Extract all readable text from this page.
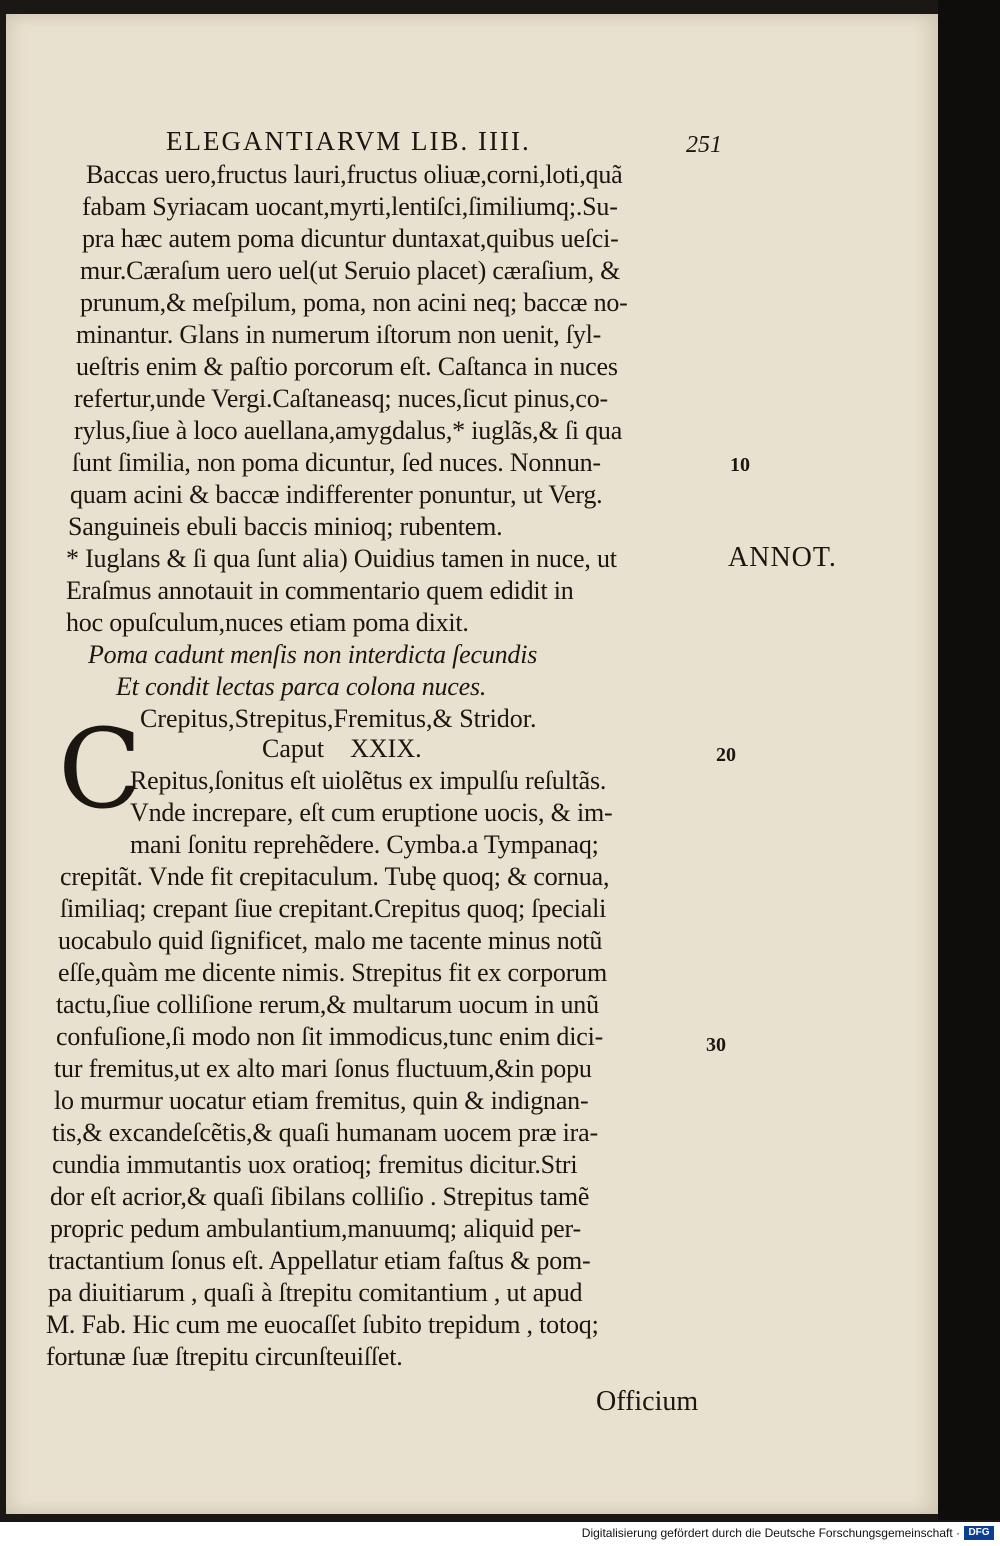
ELEGANTIARVM LIB. IIII.	251
Baccas uero,fructus lauri,fructus oliuæ,corni,loti,quã
fabam Syriacam uocant,myrti,lentiſci,ſimiliumq;.Su-
pra hæc autem poma dicuntur duntaxat,quibus ueſci-
mur.Cæraſum uero uel(ut Seruio placet) cæraſium, &
prunum,& meſpilum, poma, non acini neq; baccæ no-
minantur. Glans in numerum iſtorum non uenit, ſyl-
ueſtris enim & paſtio porcorum eſt. Caſtanca in nuces
refertur,unde Vergi.Caſtaneasq; nuces,ſicut pinus,co-
rylus,ſiue à loco auellana,amygdalus,* iuglãs,& ſi qua
ſunt ſimilia, non poma dicuntur, ſed nuces. Nonnun-
quam acini & baccæ indifferenter ponuntur, ut Verg.
Sanguineis ebuli baccis minioq; rubentem.
* Iuglans & ſi qua ſunt alia) Ouidius tamen in nuce, ut
Eraſmus annotauit in commentario quem edidit in
hoc opuſculum,nuces etiam poma dixit.
Poma cadunt menſis non interdicta ſecundis
Et condit lectas parca colona nuces.
Crepitus,Strepitus,Fremitus,& Stridor.
Caput    XXIX.
C
Repitus,ſonitus eſt uiolẽtus ex impulſu reſultãs.
Vnde increpare, eſt cum eruptione uocis, & im-
mani ſonitu reprehẽdere. Cymba.a Tympanaq;
crepitãt. Vnde fit crepitaculum. Tubę quoq; & cornua,
ſimiliaq; crepant ſiue crepitant.Crepitus quoq; ſpeciali
uocabulo quid ſignificet, malo me tacente minus notũ
eſſe,quàm me dicente nimis. Strepitus fit ex corporum
tactu,ſiue colliſione rerum,& multarum uocum in unũ
confuſione,ſi modo non ſit immodicus,tunc enim dici-
tur fremitus,ut ex alto mari ſonus fluctuum,&in popu
lo murmur uocatur etiam fremitus, quin & indignan-
tis,& excandeſcẽtis,& quaſi humanam uocem præ ira-
cundia immutantis uox oratioq; fremitus dicitur.Stri
dor eſt acrior,& quaſi ſibilans colliſio . Strepitus tamẽ
propric pedum ambulantium,manuumq; aliquid per-
tractantium ſonus eſt. Appellatur etiam faſtus & pom-
pa diuitiarum , quaſi à ſtrepitu comitantium , ut apud
M. Fab. Hic cum me euocaſſet ſubito trepidum , totoq;
fortunæ ſuæ ſtrepitu circunſteuiſſet.
Officium
ANNOT.
10
20
30
Digitalisierung gefördert durch die Deutsche Forschungsgemeinschaft · DFG
